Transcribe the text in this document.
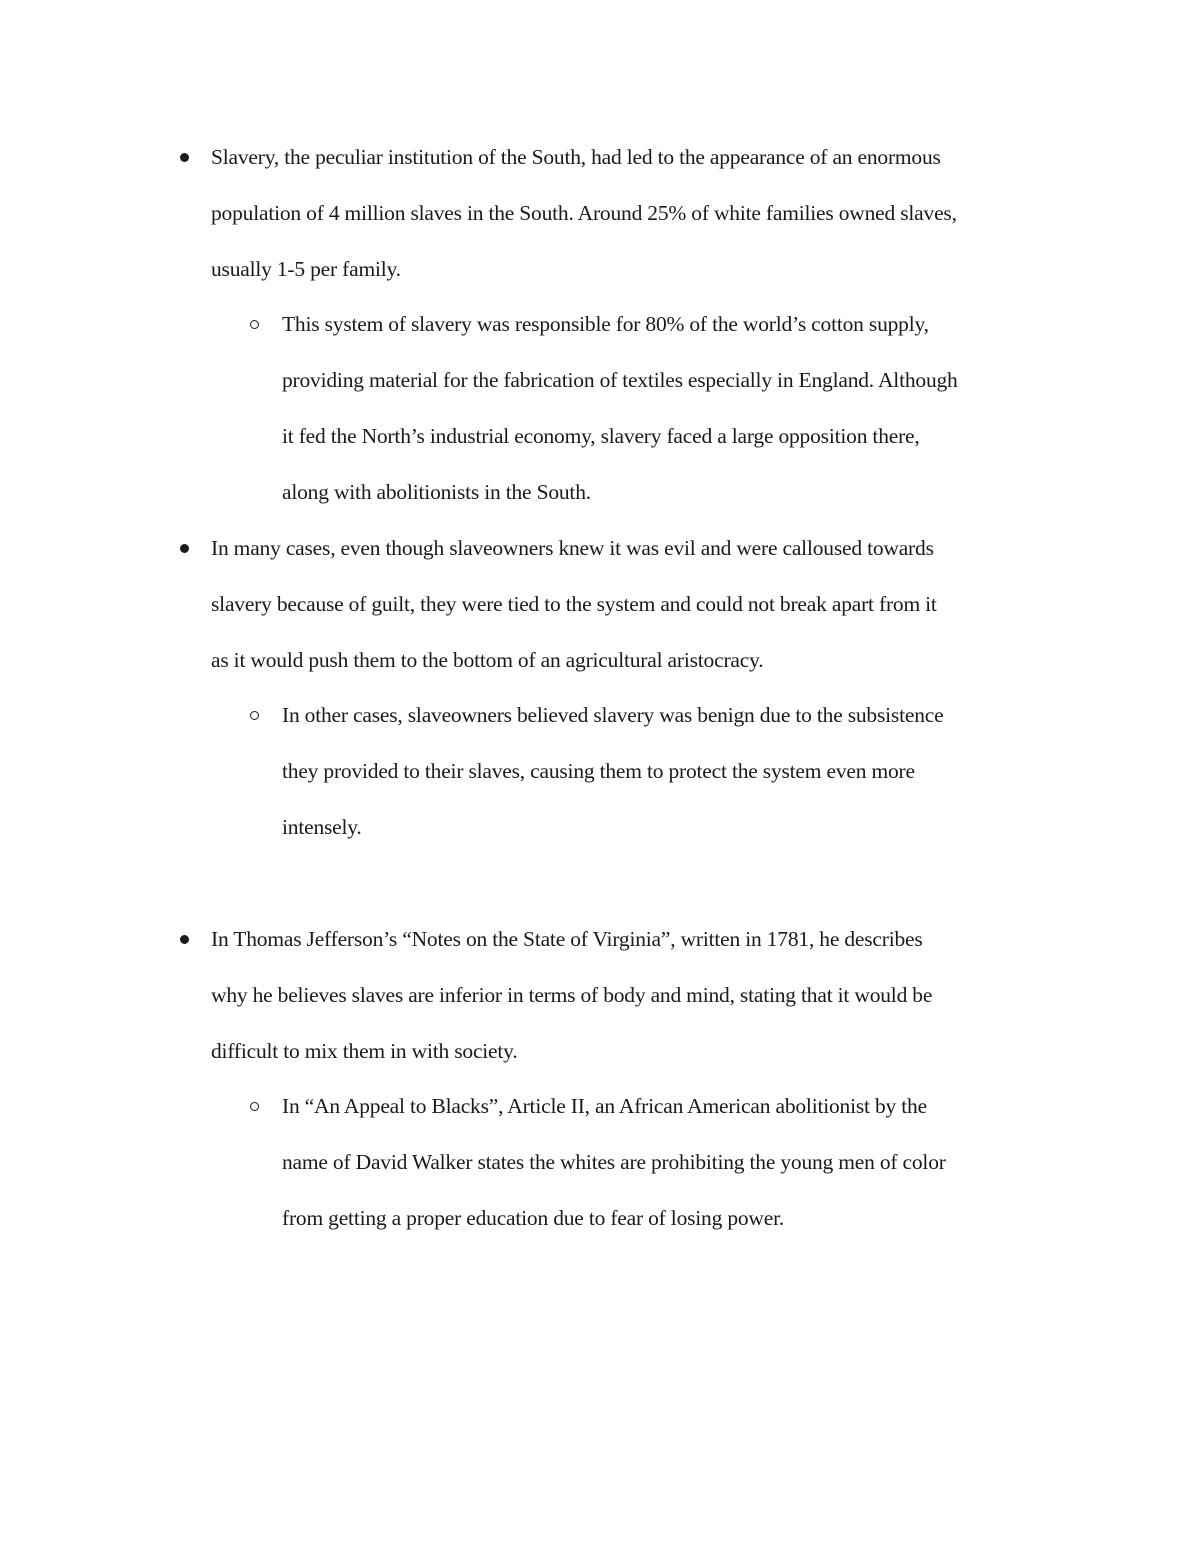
Slavery, the peculiar institution of the South, had led to the appearance of an enormous
population of 4 million slaves in the South. Around 25% of white families owned slaves,
usually 1-5 per family.
This system of slavery was responsible for 80% of the world’s cotton supply,
providing material for the fabrication of textiles especially in England. Although
it fed the North’s industrial economy, slavery faced a large opposition there,
along with abolitionists in the South.
In many cases, even though slaveowners knew it was evil and were calloused towards
slavery because of guilt, they were tied to the system and could not break apart from it
as it would push them to the bottom of an agricultural aristocracy.
In other cases, slaveowners believed slavery was benign due to the subsistence
they provided to their slaves, causing them to protect the system even more
intensely.
In Thomas Jefferson’s “Notes on the State of Virginia”, written in 1781, he describes
why he believes slaves are inferior in terms of body and mind, stating that it would be
difficult to mix them in with society.
In “An Appeal to Blacks”, Article II, an African American abolitionist by the
name of David Walker states the whites are prohibiting the young men of color
from getting a proper education due to fear of losing power.
